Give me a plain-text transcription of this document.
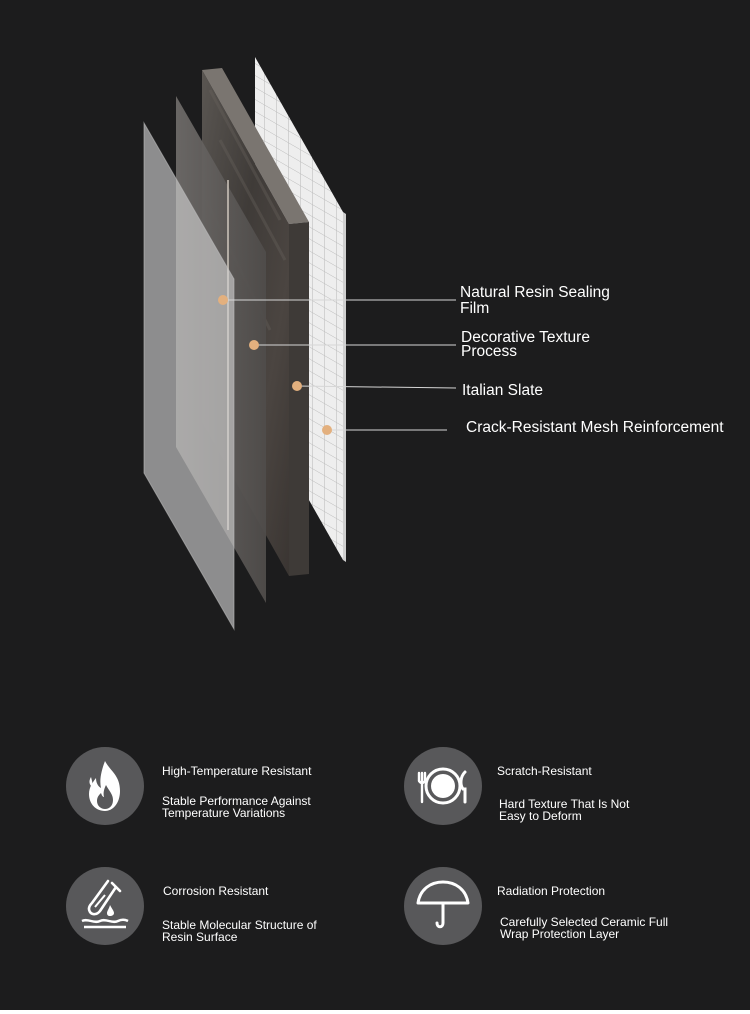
Natural Resin Sealing
Film
Decorative Texture
Process
Italian Slate
Crack-Resistant Mesh Reinforcement
High-Temperature Resistant
Stable Performance Against
Temperature Variations
Scratch-Resistant
Hard Texture That Is Not
Easy to Deform
Corrosion Resistant
Stable Molecular Structure of
Resin Surface
Radiation Protection
Carefully Selected Ceramic Full
Wrap Protection Layer
